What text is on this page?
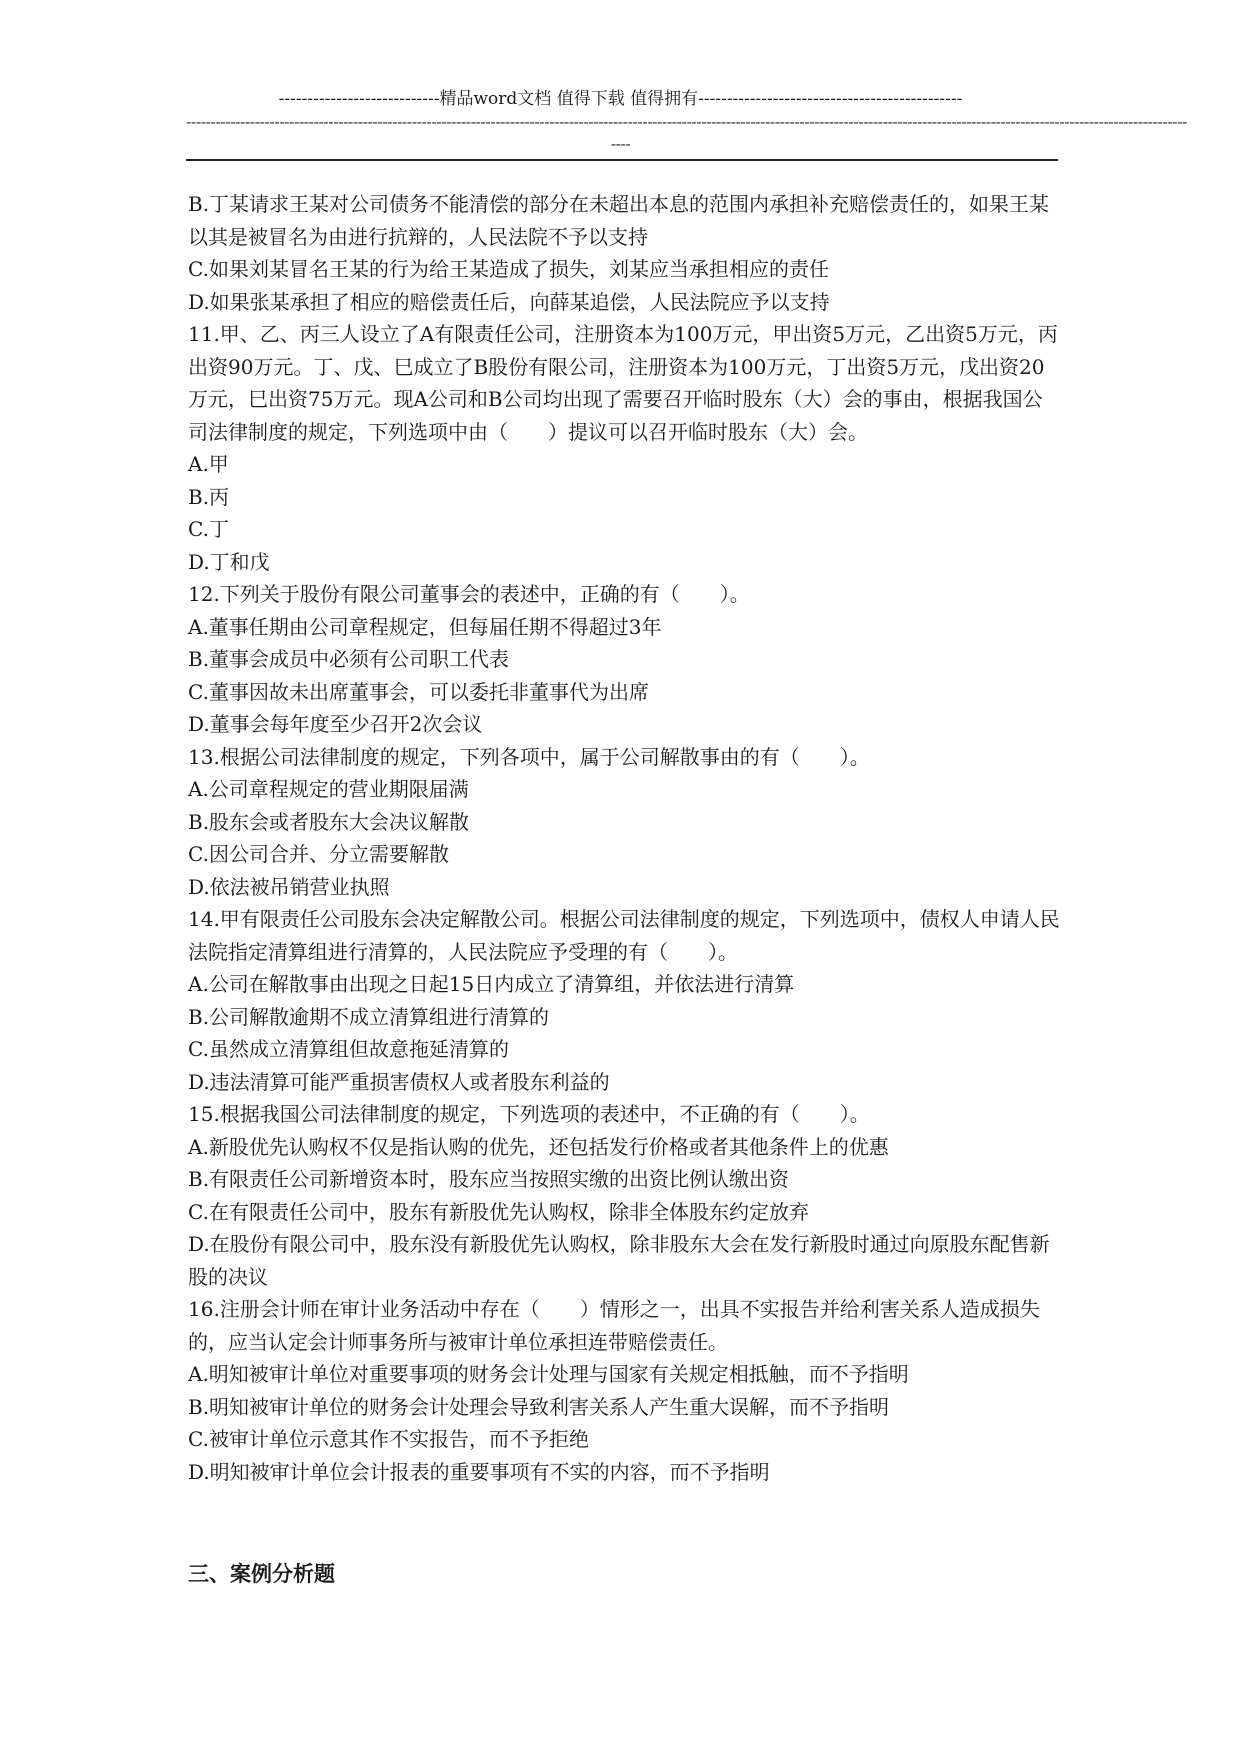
----------------------------精品word文档 值得下载 值得拥有----------------------------------------------
------------------------------------------------------------------------------------------------------------------------------------------------------------------------------------------------------------
----

B.丁某请求王某对公司债务不能清偿的部分在未超出本息的范围内承担补充赔偿责任的，如果王某以其是被冒名为由进行抗辩的，人民法院不予以支持

C.如果刘某冒名王某的行为给王某造成了损失，刘某应当承担相应的责任

D.如果张某承担了相应的赔偿责任后，向薛某追偿，人民法院应予以支持

11.甲、乙、丙三人设立了A有限责任公司，注册资本为100万元，甲出资5万元，乙出资5万元，丙出资90万元。丁、戊、巳成立了B股份有限公司，注册资本为100万元，丁出资5万元，戊出资20万元，巳出资75万元。现A公司和B公司均出现了需要召开临时股东（大）会的事由，根据我国公司法律制度的规定，下列选项中由（　　）提议可以召开临时股东（大）会。

A.甲

B.丙

C.丁

D.丁和戊

12.下列关于股份有限公司董事会的表述中，正确的有（　　）。

A.董事任期由公司章程规定，但每届任期不得超过3年

B.董事会成员中必须有公司职工代表

C.董事因故未出席董事会，可以委托非董事代为出席

D.董事会每年度至少召开2次会议

13.根据公司法律制度的规定，下列各项中，属于公司解散事由的有（　　）。

A.公司章程规定的营业期限届满

B.股东会或者股东大会决议解散

C.因公司合并、分立需要解散

D.依法被吊销营业执照

14.甲有限责任公司股东会决定解散公司。根据公司法律制度的规定，下列选项中，债权人申请人民法院指定清算组进行清算的，人民法院应予受理的有（　　）。

A.公司在解散事由出现之日起15日内成立了清算组，并依法进行清算

B.公司解散逾期不成立清算组进行清算的

C.虽然成立清算组但故意拖延清算的

D.违法清算可能严重损害债权人或者股东利益的

15.根据我国公司法律制度的规定，下列选项的表述中，不正确的有（　　）。

A.新股优先认购权不仅是指认购的优先，还包括发行价格或者其他条件上的优惠

B.有限责任公司新增资本时，股东应当按照实缴的出资比例认缴出资

C.在有限责任公司中，股东有新股优先认购权，除非全体股东约定放弃

D.在股份有限公司中，股东没有新股优先认购权，除非股东大会在发行新股时通过向原股东配售新股的决议

16.注册会计师在审计业务活动中存在（　　）情形之一，出具不实报告并给利害关系人造成损失的，应当认定会计师事务所与被审计单位承担连带赔偿责任。

A.明知被审计单位对重要事项的财务会计处理与国家有关规定相抵触，而不予指明

B.明知被审计单位的财务会计处理会导致利害关系人产生重大误解，而不予指明

C.被审计单位示意其作不实报告，而不予拒绝

D.明知被审计单位会计报表的重要事项有不实的内容，而不予指明

三、案例分析题
